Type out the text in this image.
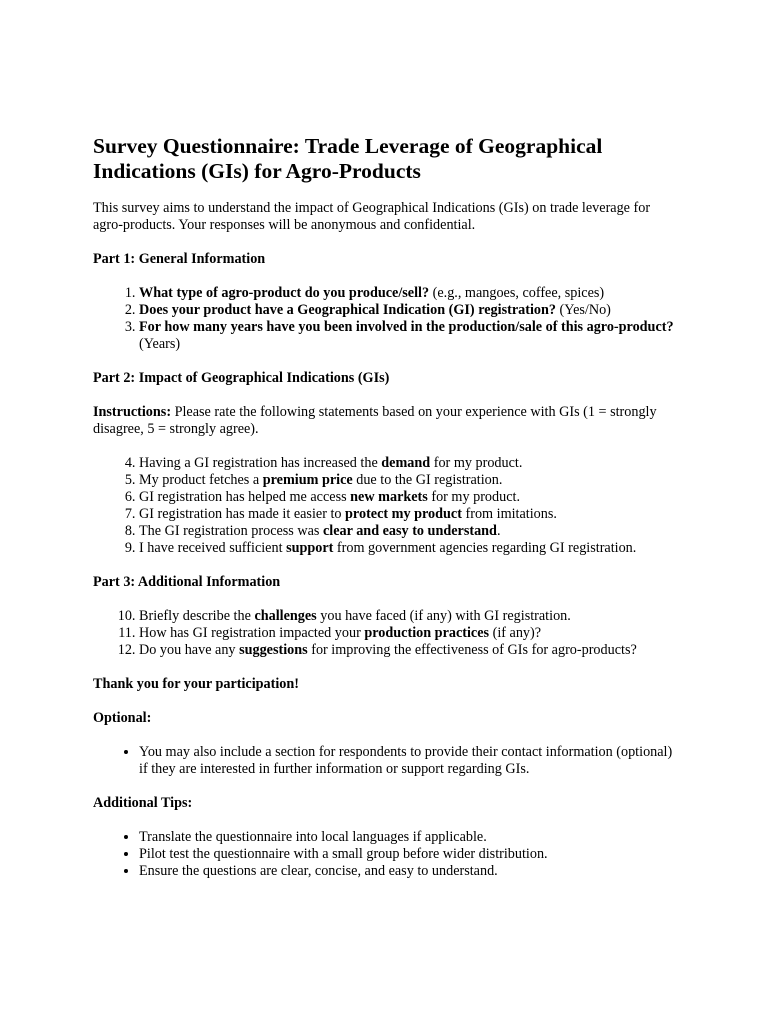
Survey Questionnaire: Trade Leverage of Geographical Indications (GIs) for Agro-Products

This survey aims to understand the impact of Geographical Indications (GIs) on trade leverage for agro-products. Your responses will be anonymous and confidential.

Part 1: General Information
1. What type of agro-product do you produce/sell? (e.g., mangoes, coffee, spices)
2. Does your product have a Geographical Indication (GI) registration? (Yes/No)
3. For how many years have you been involved in the production/sale of this agro-product? (Years)
Part 2: Impact of Geographical Indications (GIs)

Instructions: Please rate the following statements based on your experience with GIs (1 = strongly disagree, 5 = strongly agree).

4. Having a GI registration has increased the demand for my product.
5. My product fetches a premium price due to the GI registration.
6. GI registration has helped me access new markets for my product.
7. GI registration has made it easier to protect my product from imitations.
8. The GI registration process was clear and easy to understand.
9. I have received sufficient support from government agencies regarding GI registration.
Part 3: Additional Information
10. Briefly describe the challenges you have faced (if any) with GI registration.
11. How has GI registration impacted your production practices (if any)?
12. Do you have any suggestions for improving the effectiveness of GIs for agro-products?
Thank you for your participation!
Optional:
• You may also include a section for respondents to provide their contact information (optional) if they are interested in further information or support regarding GIs.
Additional Tips:
• Translate the questionnaire into local languages if applicable.
• Pilot test the questionnaire with a small group before wider distribution.
• Ensure the questions are clear, concise, and easy to understand.
